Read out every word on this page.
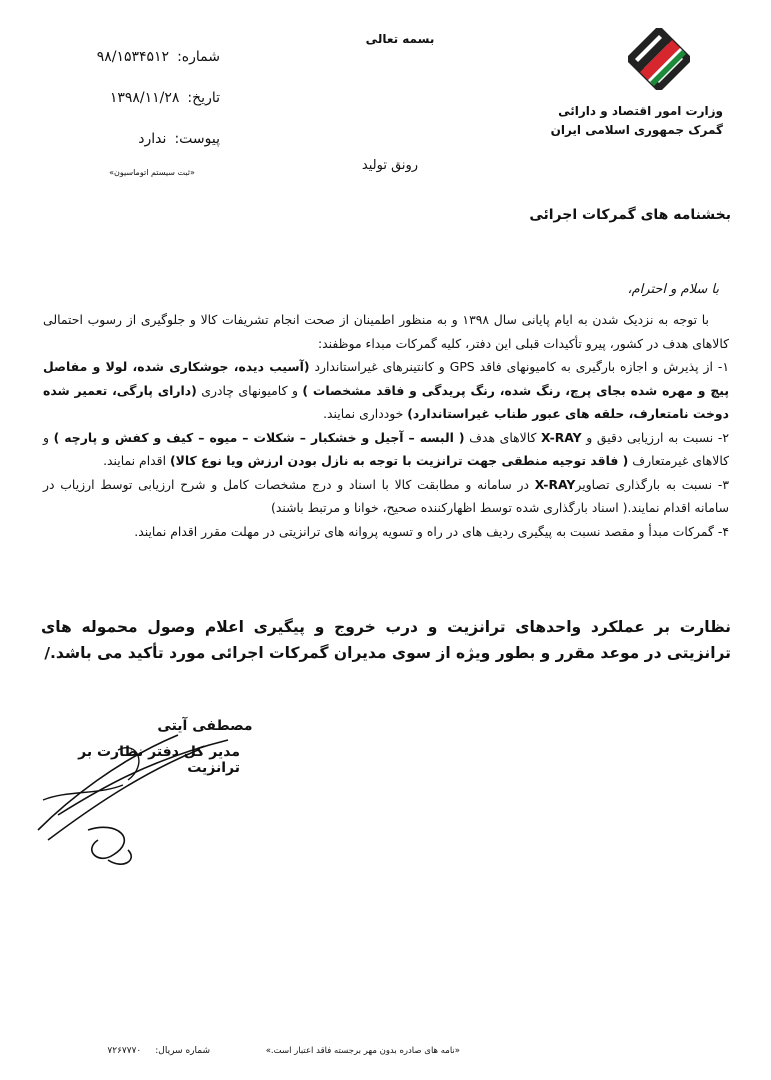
وزارت امور اقتصاد و دارائی
گمرک جمهوری اسلامی ایران
بسمه تعالی
شماره:
۹۸/۱۵۳۴۵۱۲
تاریخ:
۱۳۹۸/۱۱/۲۸
پیوست:
ندارد
«ثبت سیستم اتوماسیون»	رونق تولید
بخشنامه های گمرکات اجرائی
با سلام و احترام،

با توجه به نزدیک شدن به ایام پایانی سال ۱۳۹۸ و به منظور اطمینان از صحت انجام تشریفات کالا و جلوگیری از رسوب احتمالی کالاهای هدف در کشور، پیرو تأکیدات قبلی این دفتر، کلیه گمرکات مبداء موظفند:

۱- از پذیرش و اجازه بارگیری به کامیونهای فاقد GPS و کانتینرهای غیراستاندارد (آسیب دیده، جوشکاری شده، لولا و مفاصل پیچ و مهره شده بجای پرچ، رنگ شده، رنگ پریدگی و فاقد مشخصات ) و کامیونهای چادری (دارای پارگی، تعمیر شده دوخت نامتعارف، حلقه های عبور طناب غیراستاندارد) خودداری نمایند.

۲- نسبت به ارزیابی دقیق و X-RAY کالاهای هدف ( البسه – آجیل و خشکبار – شکلات – میوه – کیف و کفش و پارچه ) و کالاهای غیرمتعارف ( فاقد توجیه منطقی جهت ترانزیت با توجه به نازل بودن ارزش ویا نوع کالا) اقدام نمایند.

۳- نسبت به بارگذاری تصاویرX-RAY در سامانه و مطابقت کالا با اسناد و درج مشخصات کامل و شرح ارزیابی توسط ارزیاب در سامانه اقدام نمایند.( اسناد بارگذاری شده توسط اظهارکننده صحیح، خوانا و مرتبط باشند)

۴- گمرکات مبدأ و مقصد نسبت به پیگیری ردیف های در راه و تسویه پروانه های ترانزیتی در مهلت مقرر اقدام نمایند.

نظارت بر عملکرد واحدهای ترانزیت و درب خروج و پیگیری اعلام وصول محموله های ترانزیتی در موعد مقرر و بطور ویژه از سوی مدیران گمرکات اجرائی مورد تأکید می باشد./
مصطفی آیتی
مدیر کل دفتر نظارت بر ترانزیت
«نامه های صادره بدون مهر برجسته فاقد اعتبار است.»
شماره سریال:
۷۲۶۷۷۷۰
